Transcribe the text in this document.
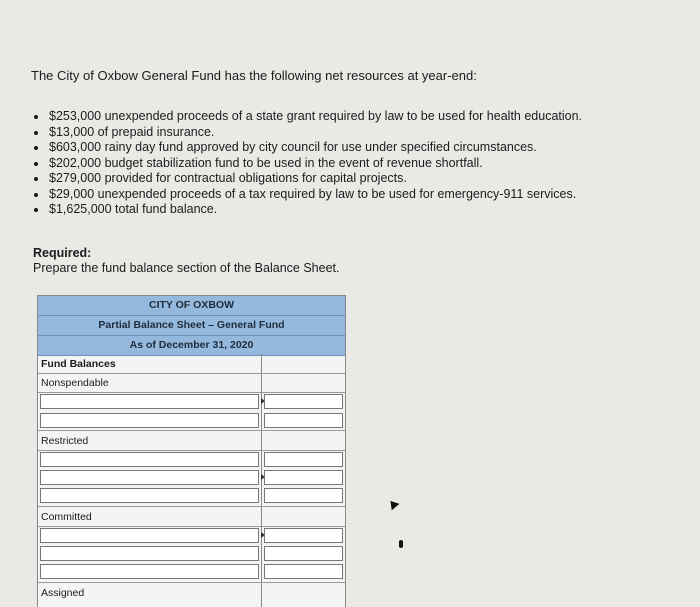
The City of Oxbow General Fund has the following net resources at year-end:
$253,000 unexpended proceeds of a state grant required by law to be used for health education.
$13,000 of prepaid insurance.
$603,000 rainy day fund approved by city council for use under specified circumstances.
$202,000 budget stabilization fund to be used in the event of revenue shortfall.
$279,000 provided for contractual obligations for capital projects.
$29,000 unexpended proceeds of a tax required by law to be used for emergency-911 services.
$1,625,000 total fund balance.
Required:
Prepare the fund balance section of the Balance Sheet.
CITY OF OXBOW
Partial Balance Sheet – General Fund
As of December 31, 2020
Fund Balances
Nonspendable
Restricted
Committed
Assigned
